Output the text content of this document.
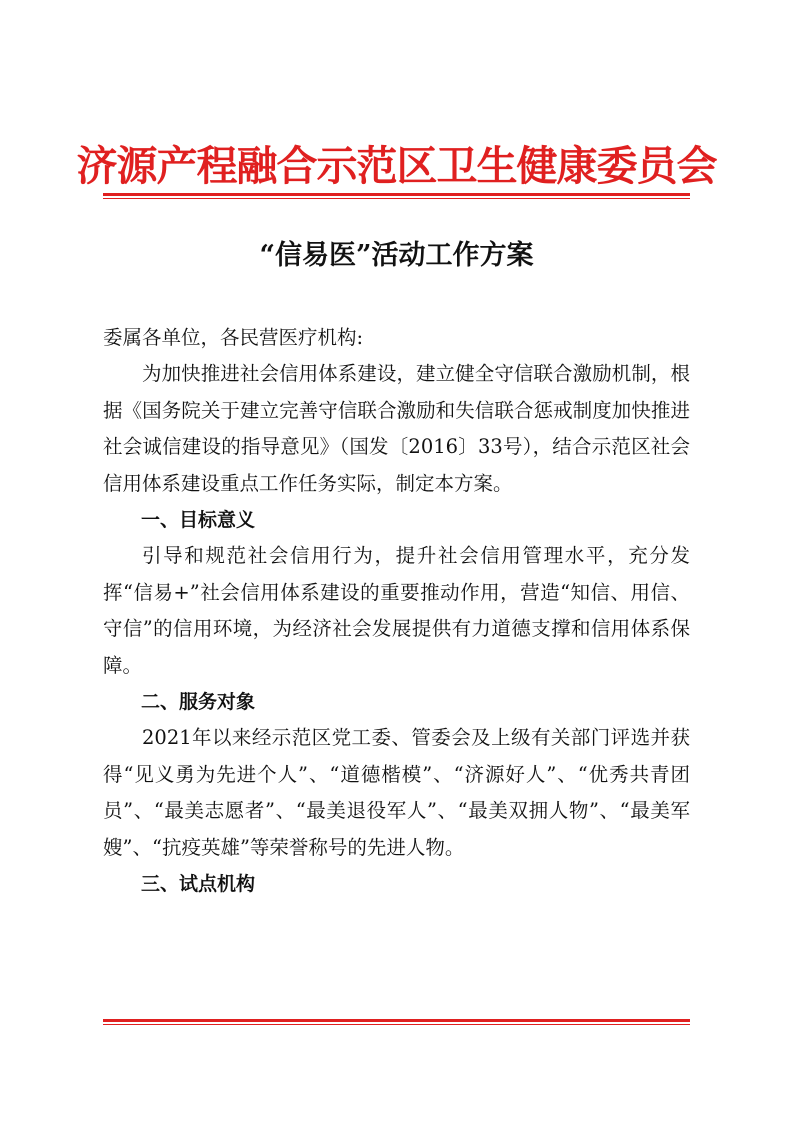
济源产程融合示范区卫生健康委员会
“信易医”活动工作方案

委属各单位，各民营医疗机构:

为加快推进社会信用体系建设，建立健全守信联合激励机制，根据《国务院关于建立完善守信联合激励和失信联合惩戒制度加快推进社会诚信建设的指导意见》（国发〔2016〕33号），结合示范区社会信用体系建设重点工作任务实际，制定本方案。

一、目标意义

引导和规范社会信用行为，提升社会信用管理水平，充分发挥“信易+”社会信用体系建设的重要推动作用，营造“知信、用信、守信”的信用环境，为经济社会发展提供有力道德支撑和信用体系保障。

二、服务对象

2021年以来经示范区党工委、管委会及上级有关部门评选并获得“见义勇为先进个人”、“道德楷模”、“济源好人”、“优秀共青团员”、“最美志愿者”、“最美退役军人”、“最美双拥人物”、“最美军嫂”、“抗疫英雄”等荣誉称号的先进人物。

三、试点机构
